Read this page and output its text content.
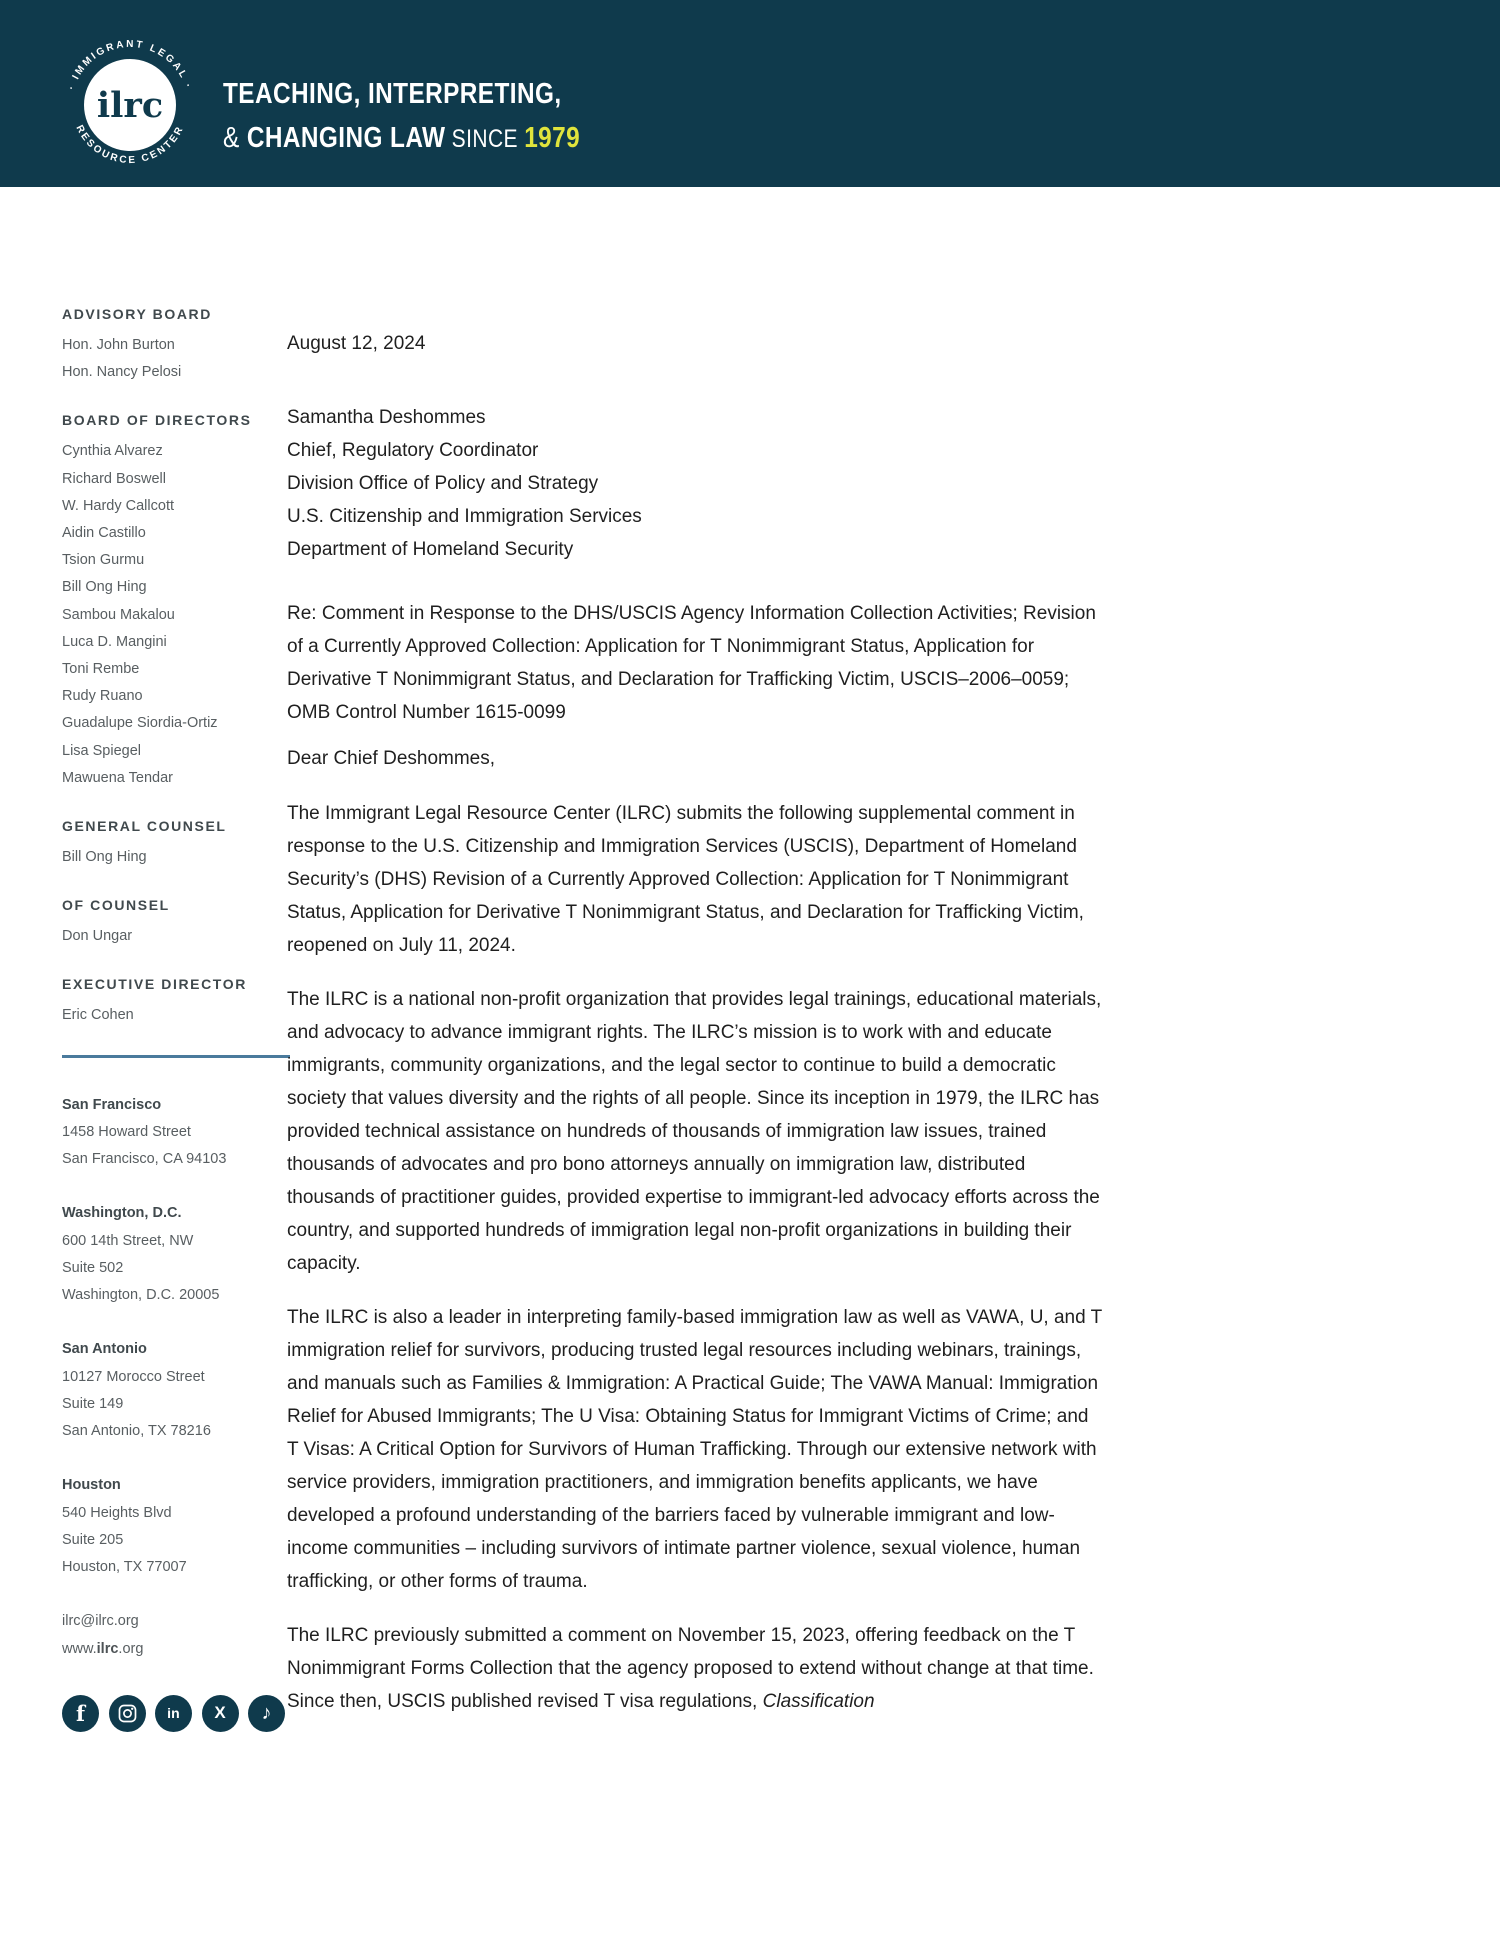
ilrc
· IMMIGRANT LEGAL ·
RESOURCE CENTER
TEACHING, INTERPRETING,
& CHANGING LAW SINCE 1979
ADVISORY BOARD
Hon. John Burton
Hon. Nancy Pelosi
BOARD OF DIRECTORS
Cynthia Alvarez
Richard Boswell
W. Hardy Callcott
Aidin Castillo
Tsion Gurmu
Bill Ong Hing
Sambou Makalou
Luca D. Mangini
Toni Rembe
Rudy Ruano
Guadalupe Siordia-Ortiz
Lisa Spiegel
Mawuena Tendar
GENERAL COUNSEL
Bill Ong Hing
OF COUNSEL
Don Ungar
EXECUTIVE DIRECTOR
Eric Cohen
San Francisco
1458 Howard Street
San Francisco, CA 94103
Washington, D.C.
600 14th Street, NW
Suite 502
Washington, D.C. 20005
San Antonio
10127 Morocco Street
Suite 149
San Antonio, TX 78216
Houston
540 Heights Blvd
Suite 205
Houston, TX 77007
ilrc@ilrc.org
www.ilrc.org
f	in	X	♪
August 12, 2024
Samantha Deshommes
Chief, Regulatory Coordinator
Division Office of Policy and Strategy
U.S. Citizenship and Immigration Services
Department of Homeland Security
Re: Comment in Response to the DHS/USCIS Agency Information Collection Activities; Revision of a Currently Approved Collection: Application for T Nonimmigrant Status, Application for Derivative T Nonimmigrant Status, and Declaration for Trafficking Victim, USCIS–2006–0059; OMB Control Number 1615-0099
Dear Chief Deshommes,

The Immigrant Legal Resource Center (ILRC) submits the following supplemental comment in response to the U.S. Citizenship and Immigration Services (USCIS), Department of Homeland Security’s (DHS) Revision of a Currently Approved Collection: Application for T Nonimmigrant Status, Application for Derivative T Nonimmigrant Status, and Declaration for Trafficking Victim, reopened on July 11, 2024.

The ILRC is a national non-profit organization that provides legal trainings, educational materials, and advocacy to advance immigrant rights. The ILRC’s mission is to work with and educate immigrants, community organizations, and the legal sector to continue to build a democratic society that values diversity and the rights of all people. Since its inception in 1979, the ILRC has provided technical assistance on hundreds of thousands of immigration law issues, trained thousands of advocates and pro bono attorneys annually on immigration law, distributed thousands of practitioner guides, provided expertise to immigrant-led advocacy efforts across the country, and supported hundreds of immigration legal non-profit organizations in building their capacity.

The ILRC is also a leader in interpreting family-based immigration law as well as VAWA, U, and T immigration relief for survivors, producing trusted legal resources including webinars, trainings, and manuals such as Families & Immigration: A Practical Guide; The VAWA Manual: Immigration Relief for Abused Immigrants; The U Visa: Obtaining Status for Immigrant Victims of Crime; and T Visas: A Critical Option for Survivors of Human Trafficking. Through our extensive network with service providers, immigration practitioners, and immigration benefits applicants, we have developed a profound understanding of the barriers faced by vulnerable immigrant and low-income communities – including survivors of intimate partner violence, sexual violence, human trafficking, or other forms of trauma.

The ILRC previously submitted a comment on November 15, 2023, offering feedback on the T Nonimmigrant Forms Collection that the agency proposed to extend without change at that time. Since then, USCIS published revised T visa regulations, Classification
